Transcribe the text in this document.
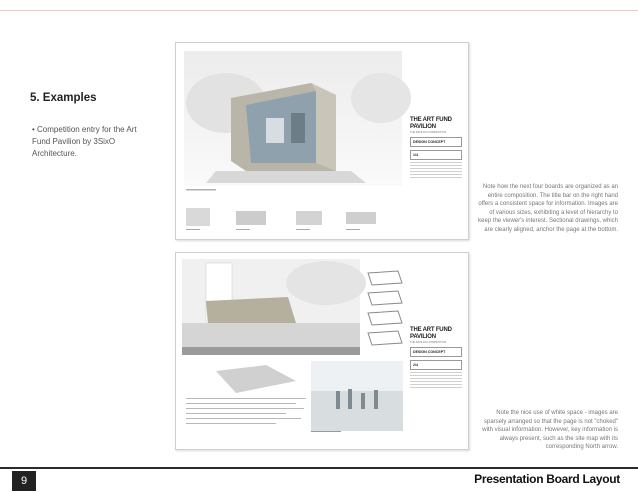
5. Examples
• Competition entry for the Art Fund Pavilion by 3SixO Architecture.
THE ART FUND PAVILION
THE PAVILION COMPETITION
DESIGN CONCEPT
1/4
THE ART FUND PAVILION
THE PAVILION COMPETITION
DESIGN CONCEPT
2/4
Note how the next four boards are organized as an entire composition. The title bar on the right hand offers a consistent space for information. Images are of various sizes, exhibiting a level of hierarchy to keep the viewer's interest. Sectional drawings, which are clearly aligned, anchor the page at the bottom.
Note the nice use of white space - images are sparsely arranged so that the page is not "choked" with visual information. However, key information is always present, such as the site map with its corresponding North arrow.
9	Presentation Board Layout
